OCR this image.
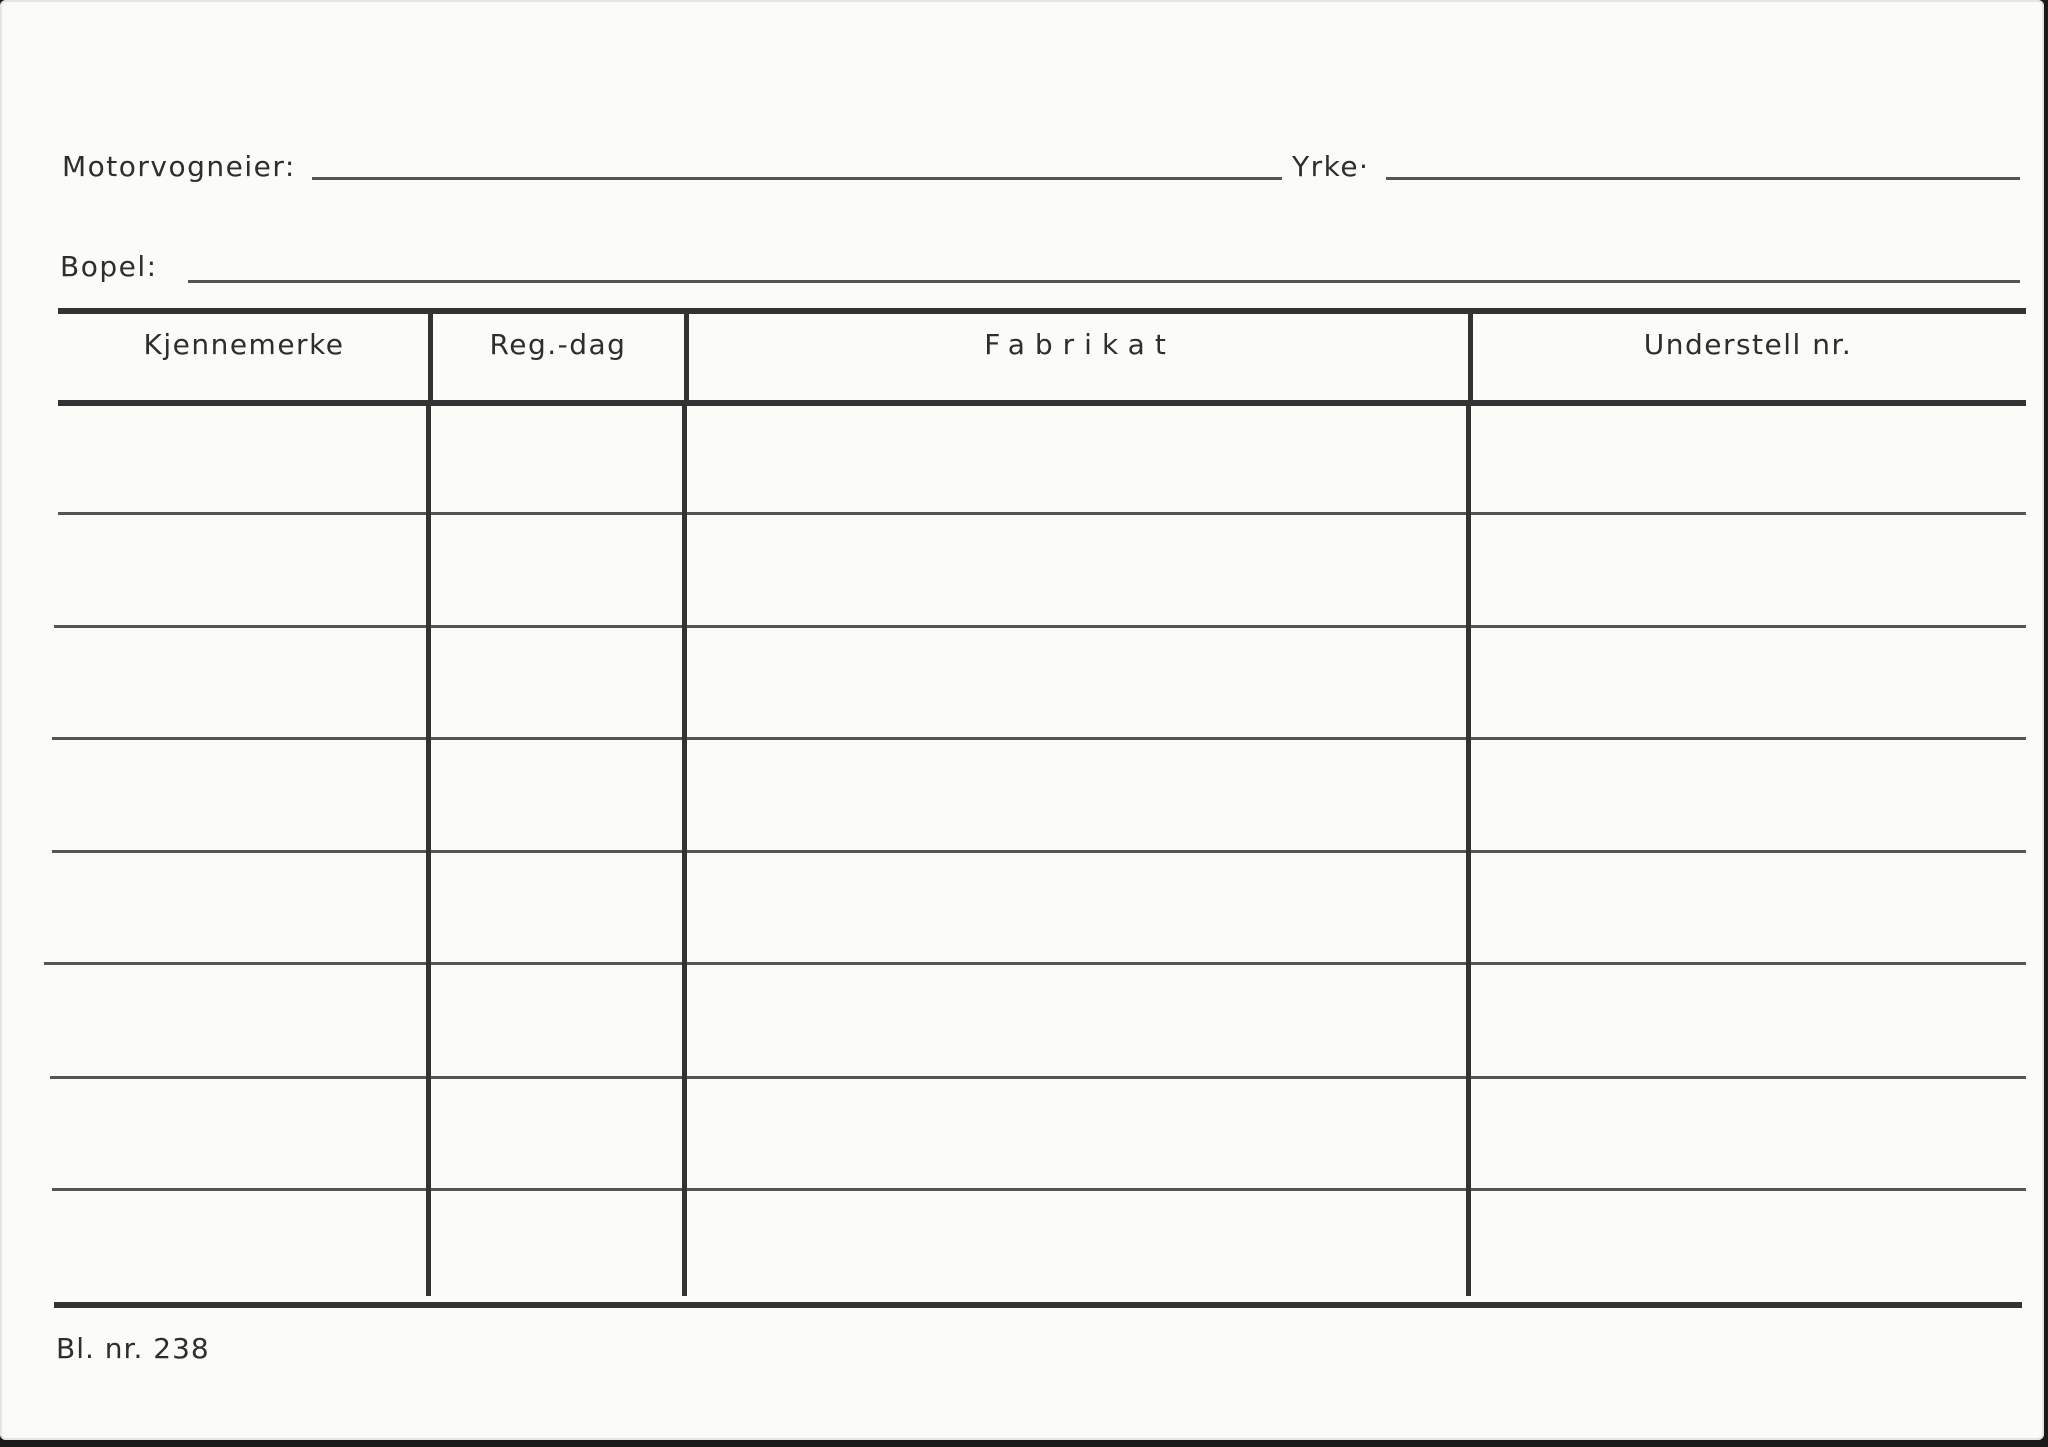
Motorvogneier:	Yrke·
Bopel:
Kjennemerke	Reg.-dag	Fabrikat	Understell nr.
Bl. nr. 238
